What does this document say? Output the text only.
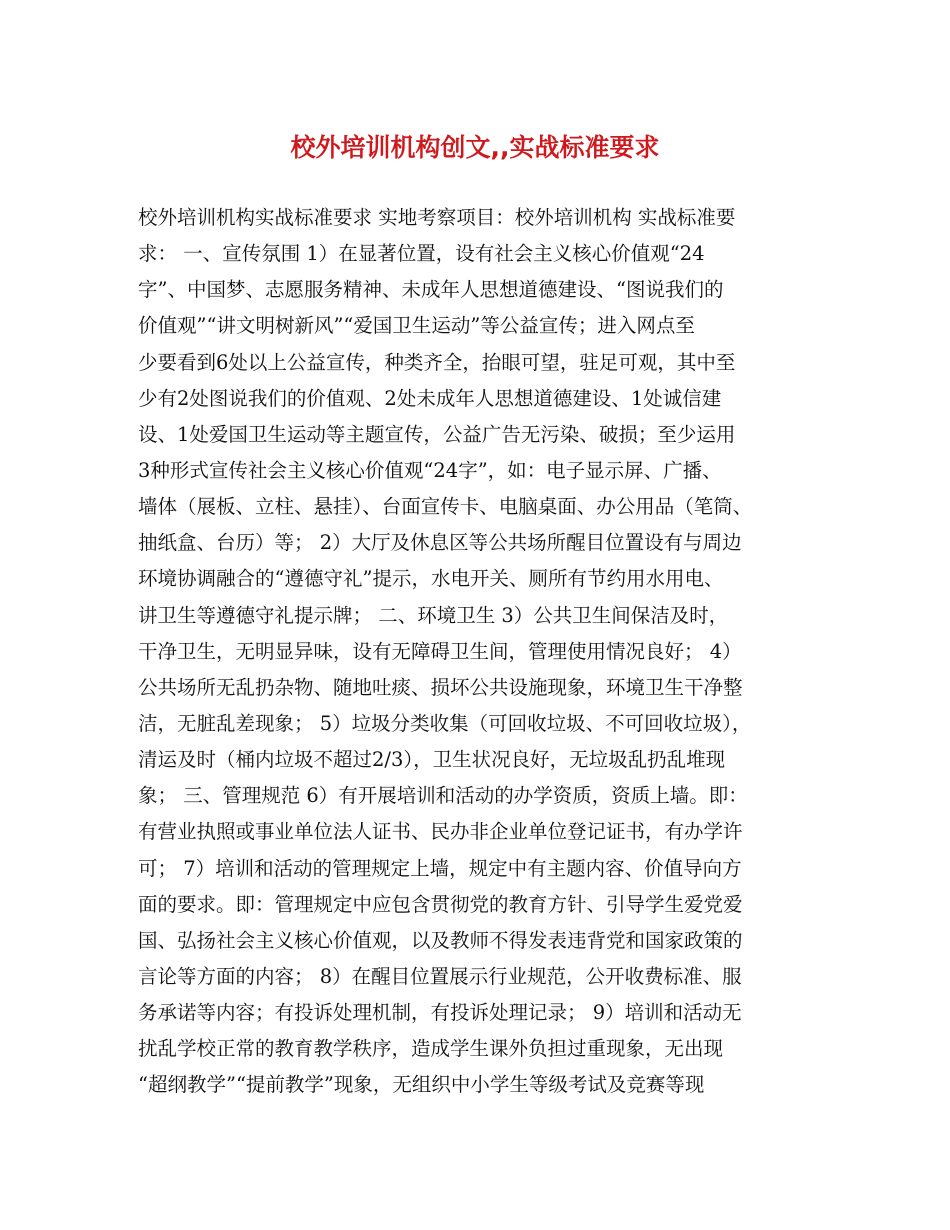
校外培训机构创文,,实战标准要求
校外培训机构实战标准要求 实地考察项目：校外培训机构 实战标准要
求： 一、宣传氛围 1）在显著位置，设有社会主义核心价值观“24
字”、中国梦、志愿服务精神、未成年人思想道德建设、“图说我们的
价值观”“讲文明树新风”“爱国卫生运动”等公益宣传；进入网点至
少要看到6处以上公益宣传，种类齐全，抬眼可望，驻足可观，其中至
少有2处图说我们的价值观、2处未成年人思想道德建设、1处诚信建
设、1处爱国卫生运动等主题宣传，公益广告无污染、破损；至少运用
3种形式宣传社会主义核心价值观“24字”，如：电子显示屏、广播、
墙体（展板、立柱、悬挂）、台面宣传卡、电脑桌面、办公用品（笔筒、
抽纸盒、台历）等； 2）大厅及休息区等公共场所醒目位置设有与周边
环境协调融合的“遵德守礼”提示，水电开关、厕所有节约用水用电、
讲卫生等遵德守礼提示牌； 二、环境卫生 3）公共卫生间保洁及时，
干净卫生，无明显异味，设有无障碍卫生间，管理使用情况良好； 4）
公共场所无乱扔杂物、随地吐痰、损坏公共设施现象，环境卫生干净整
洁，无脏乱差现象； 5）垃圾分类收集（可回收垃圾、不可回收垃圾），
清运及时（桶内垃圾不超过2/3），卫生状况良好，无垃圾乱扔乱堆现
象； 三、管理规范 6）有开展培训和活动的办学资质，资质上墙。即：
有营业执照或事业单位法人证书、民办非企业单位登记证书，有办学许
可； 7）培训和活动的管理规定上墙，规定中有主题内容、价值导向方
面的要求。即：管理规定中应包含贯彻党的教育方针、引导学生爱党爱
国、弘扬社会主义核心价值观，以及教师不得发表违背党和国家政策的
言论等方面的内容； 8）在醒目位置展示行业规范，公开收费标准、服
务承诺等内容；有投诉处理机制，有投诉处理记录； 9）培训和活动无
扰乱学校正常的教育教学秩序，造成学生课外负担过重现象，无出现
“超纲教学”“提前教学”现象，无组织中小学生等级考试及竞赛等现
